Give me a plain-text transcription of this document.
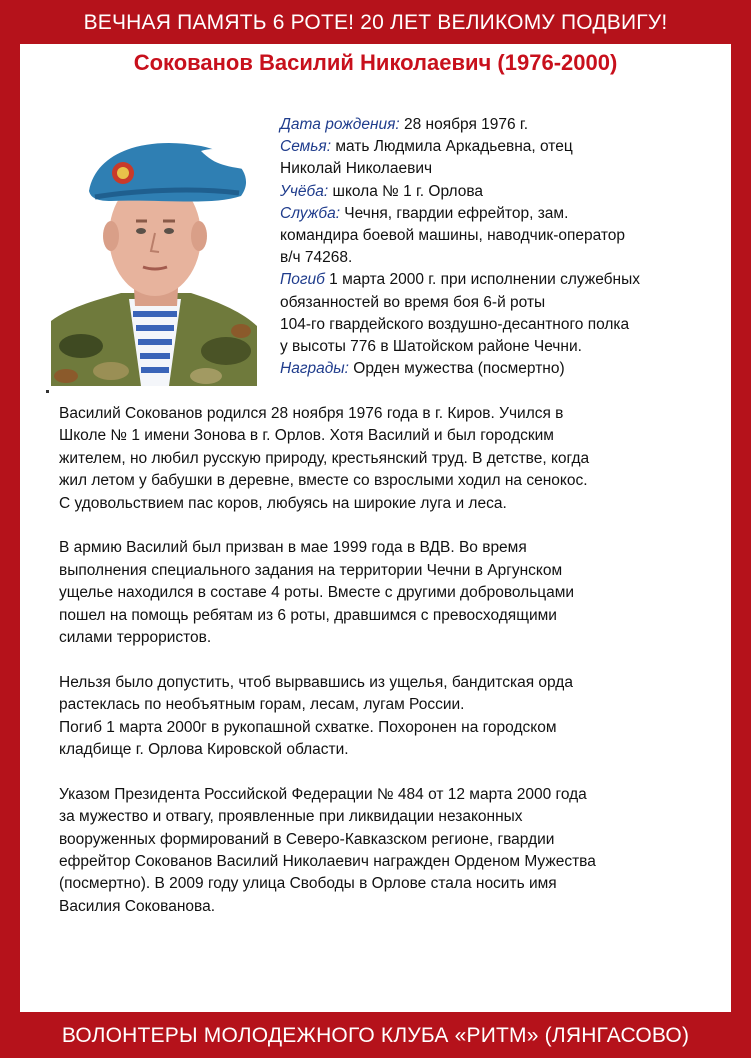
ВЕЧНАЯ ПАМЯТЬ 6 РОТЕ! 20 ЛЕТ ВЕЛИКОМУ ПОДВИГУ!
Сокованов Василий Николаевич (1976-2000)
Дата рождения: 28 ноября 1976 г.
Семья: мать Людмила Аркадьевна, отец
Николай Николаевич
Учёба: школа № 1 г. Орлова
Служба: Чечня, гвардии ефрейтор, зам.
командира боевой машины, наводчик-оператор
в/ч 74268.
Погиб 1 марта 2000 г. при исполнении служебных
обязанностей во время боя 6-й роты
104-го гвардейского воздушно-десантного полка
у высоты 776 в Шатойском районе Чечни.
Награды: Орден мужества (посмертно)

Василий Сокованов родился 28 ноября 1976 года в г. Киров. Учился в
Школе № 1 имени Зонова в г. Орлов. Хотя Василий и был городским
жителем, но любил русскую природу, крестьянский труд. В детстве, когда
жил летом у бабушки в деревне, вместе со взрослыми ходил на сенокос.
С удовольствием пас коров, любуясь на широкие луга и леса.

В армию Василий был призван в мае 1999 года в ВДВ. Во время
выполнения специального задания на территории Чечни в Аргунском
ущелье находился в составе 4 роты. Вместе с другими добровольцами
пошел на помощь ребятам из 6 роты, дравшимся с превосходящими
силами террористов.

Нельзя было допустить, чтоб вырвавшись из ущелья, бандитская орда
растеклась по необъятным горам, лесам, лугам России.
Погиб 1 марта 2000г в рукопашной схватке. Похоронен на городском
кладбище г. Орлова Кировской области.

Указом Президента Российской Федерации № 484 от 12 марта 2000 года
за мужество и отвагу, проявленные при ликвидации незаконных
вооруженных формирований в Северо-Кавказском регионе, гвардии
ефрейтор Сокованов Василий Николаевич награжден Орденом Мужества
(посмертно). В 2009 году улица Свободы в Орлове стала носить имя
Василия Сокованова.

ВОЛОНТЕРЫ МОЛОДЕЖНОГО КЛУБА «РИТМ» (ЛЯНГАСОВО)
